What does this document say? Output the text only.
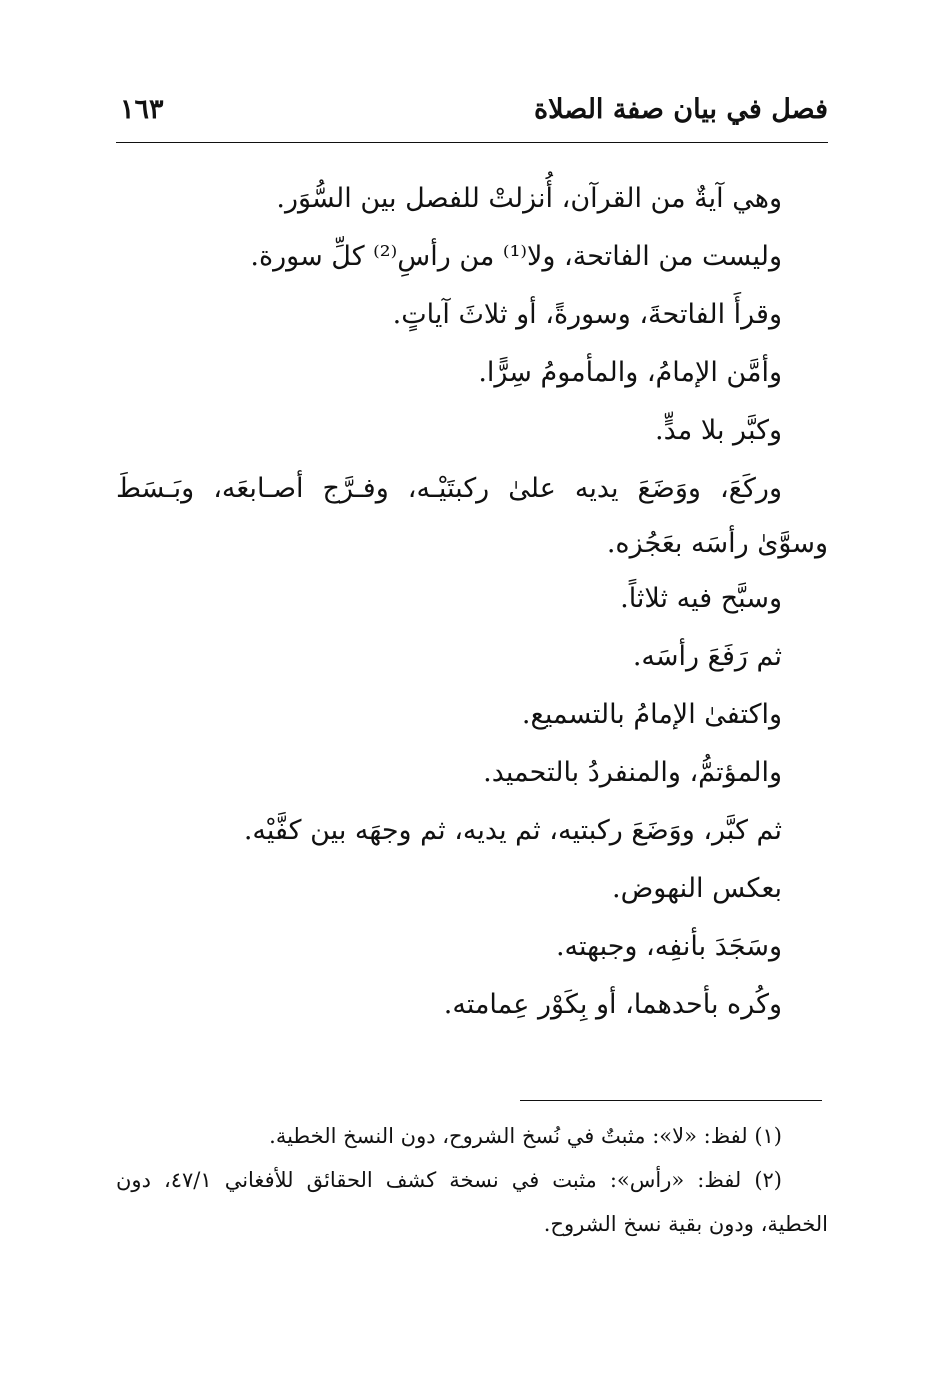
فصل في بيان صفة الصلاة
١٦٣
وهي آيةٌ من القرآن، أُنزلتْ للفصل بين السُّوَر.
وليست من الفاتحة، ولا⁽¹⁾ من رأسِ⁽²⁾ كلِّ سورة.
وقرأَ الفاتحةَ، وسورةً، أو ثلاثَ آياتٍ.
وأمَّن الإمامُ، والمأمومُ سِرًّا.
وكبَّر بلا مدٍّ.
وركَعَ، ووَضَعَ يديه علىٰ ركبتَيْـه، وفـرَّج أصـابعَه، وبَـسَطَ
وسوَّىٰ رأسَه بعَجُزه.
وسبَّح فيه ثلاثاً.
ثم رَفَعَ رأسَه.
واكتفىٰ الإمامُ بالتسميع.
والمؤتمُّ، والمنفردُ بالتحميد.
ثم كبَّر، ووَضَعَ ركبتيه، ثم يديه، ثم وجهَه بين كفَّيْه.
بعكس النهوض.
وسَجَدَ بأنفِه، وجبهته.
وكُره بأحدهما، أو بِكَوْر عِمامته.
(١) لفظ: «لا»: مثبتٌ في نُسخ الشروح، دون النسخ الخطية.
(٢) لفظ: «رأس»: مثبت في نسخة كشف الحقائق للأفغاني ٤٧/١، دون
الخطية، ودون بقية نسخ الشروح.
